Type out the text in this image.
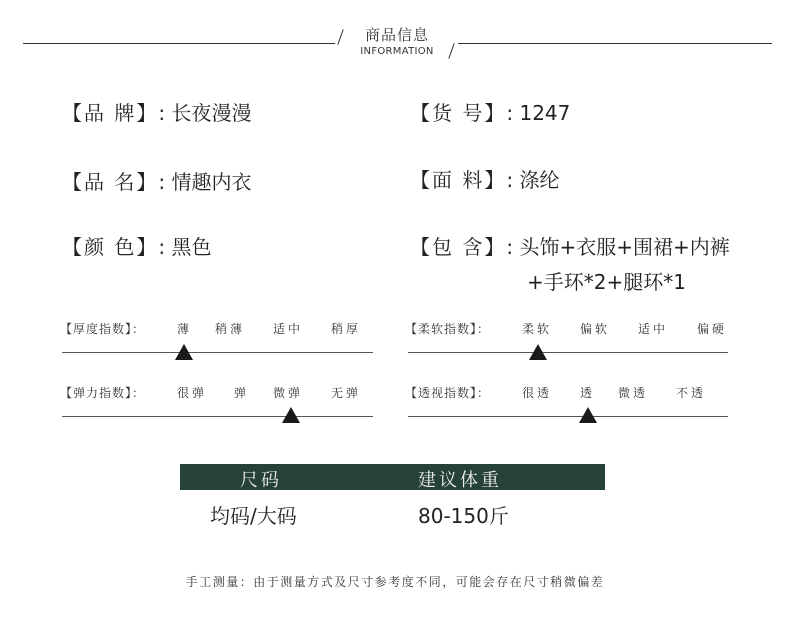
商品信息
INFORMATION
【品 牌】: 长夜漫漫	【货 号】: 1247
【品 名】: 情趣内衣	【面 料】: 涤纶
【颜 色】: 黑色	【包 含】: 头饰+衣服+围裙+内裤
+手环*2+腿环*1
【厚度指数】：	薄 稍薄 适中 稍厚	【柔软指数】：	柔软 偏软 适中 偏硬
【弹力指数】：	很弹 弹 微弹 无弹	【透视指数】：	很透 透 微透 不透
尺码	建议体重
均码/大码	80-150斤
手工测量：由于测量方式及尺寸参考度不同，可能会存在尺寸稍微偏差
